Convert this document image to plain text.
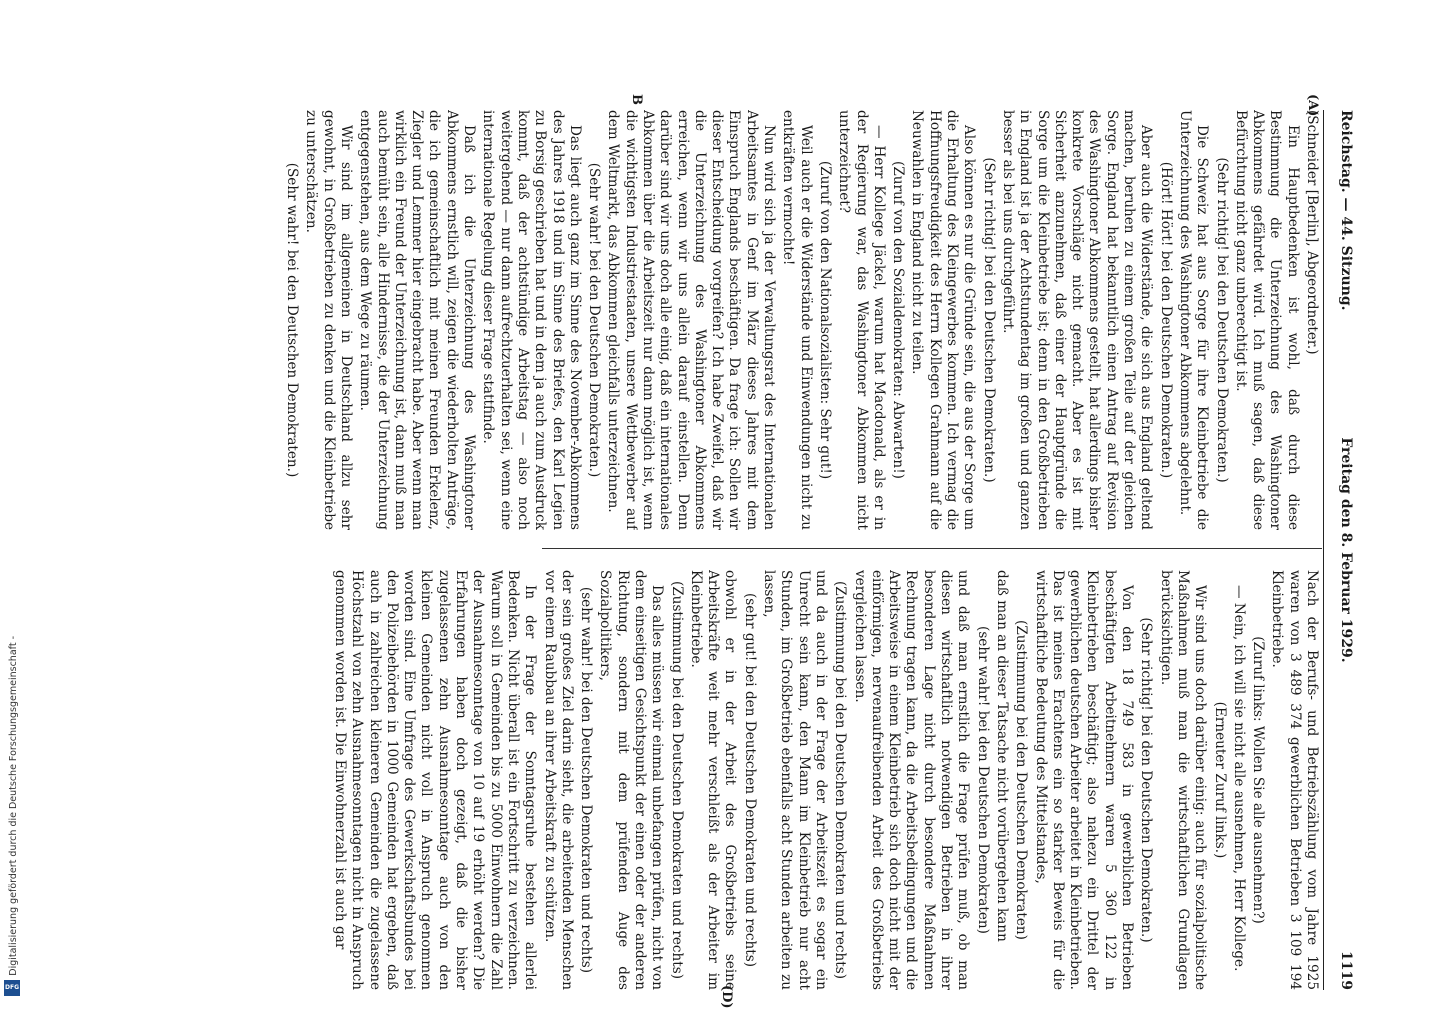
Reichstag. — 44. Sitzung.
Freitag den 8. Februar 1929.
1119
(A)
B
(D)

(Schneider [Berlin], Abgeordneter.)

Ein Hauptbedenken ist wohl, daß durch diese Bestimmung die Unterzeichnung des Washingtoner Abkommens gefährdet wird. Ich muß sagen, daß diese Befürchtung nicht ganz unberechtigt ist.

(Sehr richtig! bei den Deutschen Demokraten.)

Die Schweiz hat aus Sorge für ihre Kleinbetriebe die Unterzeichnung des Washingtoner Abkommens abgelehnt.

(Hört! Hört! bei den Deutschen Demokraten.)

Aber auch die Widerstände, die sich aus England geltend machen, beruhen zu einem großen Teile auf der gleichen Sorge. England hat bekanntlich einen Antrag auf Revision des Washingtoner Abkommens gestellt, hat allerdings bisher konkrete Vorschläge nicht gemacht. Aber es ist mit Sicherheit anzunehmen, daß einer der Hauptgründe die Sorge um die Kleinbetriebe ist; denn in den Großbetrieben in England ist ja der Achtstundentag im großen und ganzen besser als bei uns durchgeführt.

(Sehr richtig! bei den Deutschen Demokraten.)

Also können es nur die Gründe sein, die aus der Sorge um die Erhaltung des Kleingewerbes kommen. Ich vermag die Hoffnungsfreudigkeit des Herrn Kollegen Grahmann auf die Neuwahlen in England nicht zu teilen.

(Zuruf von den Sozialdemokraten: Abwarten!)

— Herr Kollege Jäckel, warum hat Macdonald, als er in der Regierung war, das Washingtoner Abkommen nicht unterzeichnet?

(Zuruf von den Nationalsozialisten: Sehr gut!)

Weil auch er die Widerstände und Einwendungen nicht zu entkräften vermochte!

Nun wird sich ja der Verwaltungsrat des Internationalen Arbeitsamtes in Genf im März dieses Jahres mit dem Einspruch Englands beschäftigen. Da frage ich: Sollen wir dieser Entscheidung vorgreifen? Ich habe Zweifel, daß wir die Unterzeichnung des Washingtoner Abkommens erreichen, wenn wir uns allein darauf einstellen. Denn darüber sind wir uns doch alle einig, daß ein internationales Abkommen über die Arbeitszeit nur dann möglich ist, wenn die wichtigsten Industriestaaten, unsere Wettbewerber auf dem Weltmarkt, das Abkommen gleichfalls unterzeichnen.

(Sehr wahr! bei den Deutschen Demokraten.)

Das liegt auch ganz im Sinne des November-Abkommens des Jahres 1918 und im Sinne des Briefes, den Karl Legien zu Borsig geschrieben hat und in dem ja auch zum Ausdruck kommt, daß der achtstündige Arbeitstag — also noch weitergehend — nur dann aufrechtzuerhalten sei, wenn eine internationale Regelung dieser Frage stattfinde.

Daß ich die Unterzeichnung des Washingtoner Abkommens ernstlich will, zeigen die wiederholten Anträge, die ich gemeinschaftlich mit meinen Freunden Erkelenz, Ziegler und Lemmer hier eingebracht habe. Aber wenn man wirklich ein Freund der Unterzeichnung ist, dann muß man auch bemüht sein, alle Hindernisse, die der Unterzeichnung entgegenstehen, aus dem Wege zu räumen.

Wir sind im allgemeinen in Deutschland allzu sehr gewohnt, in Großbetrieben zu denken und die Kleinbetriebe zu unterschätzen.

(Sehr wahr! bei den Deutschen Demokraten.)

Nach der Berufs- und Betriebszählung vom Jahre 1925 waren von 3 489 374 gewerblichen Betrieben 3 109 194 Kleinbetriebe.

(Zuruf links: Wollen Sie alle ausnehmen?)

— Nein, ich will sie nicht alle ausnehmen, Herr Kollege.

(Erneuter Zuruf links.)

Wir sind uns doch darüber einig: auch für sozialpolitische Maßnahmen muß man die wirtschaftlichen Grundlagen berücksichtigen.

(Sehr richtig! bei den Deutschen Demokraten.)

Von den 18 749 583 in gewerblichen Betrieben beschäftigten Arbeitnehmern waren 5 360 122 in Kleinbetrieben beschäftigt; also nahezu ein Drittel der gewerblichen deutschen Arbeiter arbeitet in Kleinbetrieben. Das ist meines Erachtens ein so starker Beweis für die wirtschaftliche Bedeutung des Mittelstandes,

(Zustimmung bei den Deutschen Demokraten)

daß man an dieser Tatsache nicht vorübergehen kann

(sehr wahr! bei den Deutschen Demokraten)

und daß man ernstlich die Frage prüfen muß, ob man diesen wirtschaftlich notwendigen Betrieben in ihrer besonderen Lage nicht durch besondere Maßnahmen Rechnung tragen kann, da die Arbeitsbedingungen und die Arbeitsweise in einem Kleinbetrieb sich doch nicht mit der einförmigen, nervenaufreibenden Arbeit des Großbetriebs vergleichen lassen.

(Zustimmung bei den Deutschen Demokraten und rechts)

und da auch in der Frage der Arbeitszeit es sogar ein Unrecht sein kann, den Mann im Kleinbetrieb nur acht Stunden, im Großbetrieb ebenfalls acht Stunden arbeiten zu lassen,

(sehr gut! bei den Deutschen Demokraten und rechts)

obwohl er in der Arbeit des Großbetriebs seine Arbeitskräfte weit mehr verschleißt als der Arbeiter im Kleinbetriebe.

(Zustimmung bei den Deutschen Demokraten und rechts)

Das alles müssen wir einmal unbefangen prüfen, nicht von dem einseitigen Gesichtspunkt der einen oder der anderen Richtung, sondern mit dem prüfenden Auge des Sozialpolitikers,

(sehr wahr! bei den Deutschen Demokraten und rechts)

der sein großes Ziel darin sieht, die arbeitenden Menschen vor einem Raubbau an ihrer Arbeitskraft zu schützen.

In der Frage der Sonntagsruhe bestehen allerlei Bedenken. Nicht überall ist ein Fortschritt zu verzeichnen. Warum soll in Gemeinden bis zu 5000 Einwohnern die Zahl der Ausnahmesonntage von 10 auf 19 erhöht werden? Die Erfahrungen haben doch gezeigt, daß die bisher zugelassenen zehn Ausnahmesonntage auch von den kleinen Gemeinden nicht voll in Anspruch genommen worden sind. Eine Umfrage des Gewerkschaftsbundes bei den Polizeibehörden in 1000 Gemeinden hat ergeben, daß auch in zahlreichen kleineren Gemeinden die zugelassene Höchstzahl von zehn Ausnahmesonntagen nicht in Anspruch genommen worden ist. Die Einwohnerzahl ist auch gar

Digitalisierung gefördert durch die Deutsche Forschungsgemeinschaft -
DFG
